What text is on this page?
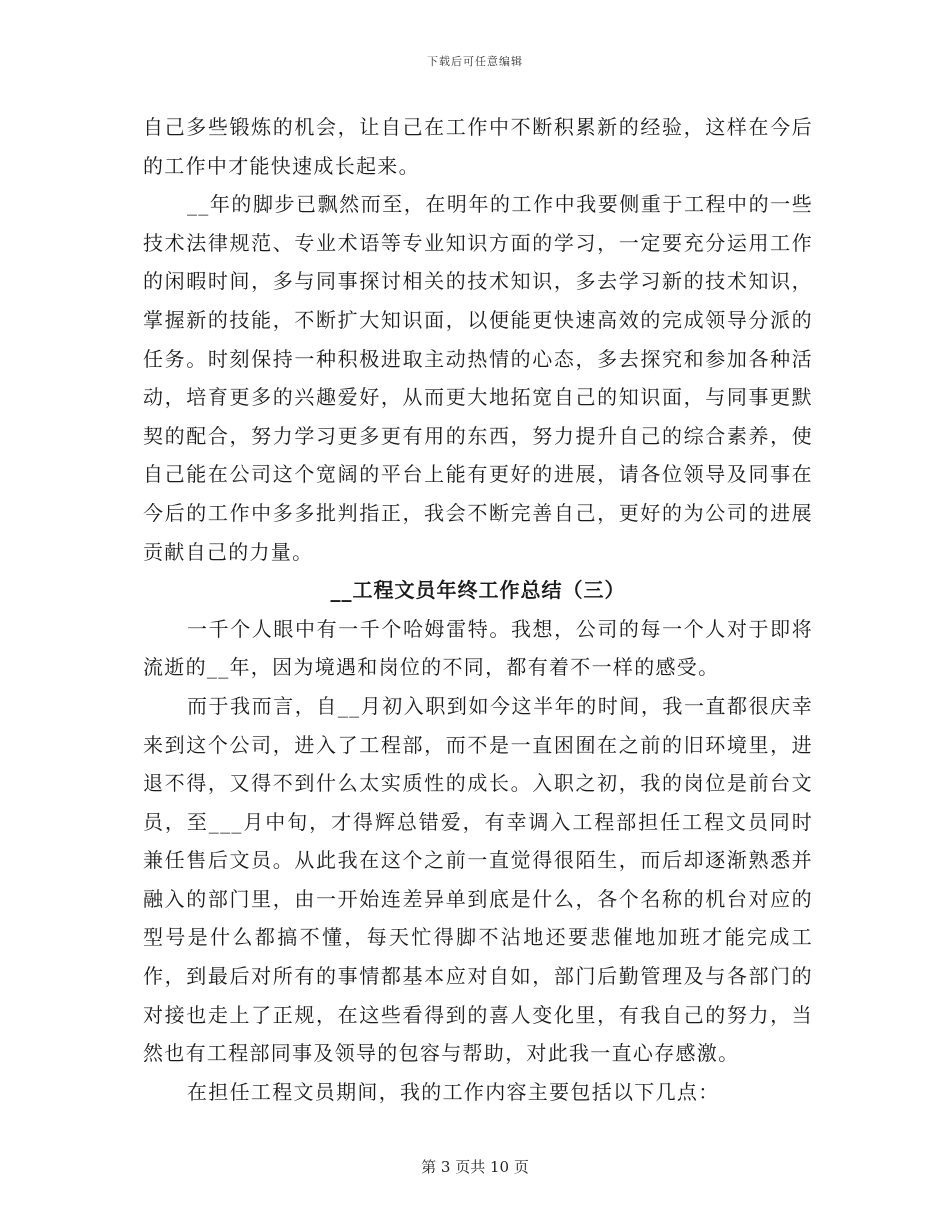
下载后可任意编辑

自己多些锻炼的机会，让自己在工作中不断积累新的经验，这样在今后的工作中才能快速成长起来。

__年的脚步已飘然而至，在明年的工作中我要侧重于工程中的一些技术法律规范、专业术语等专业知识方面的学习，一定要充分运用工作的闲暇时间，多与同事探讨相关的技术知识，多去学习新的技术知识，掌握新的技能，不断扩大知识面，以便能更快速高效的完成领导分派的任务。时刻保持一种积极进取主动热情的心态，多去探究和参加各种活动，培育更多的兴趣爱好，从而更大地拓宽自己的知识面，与同事更默契的配合，努力学习更多更有用的东西，努力提升自己的综合素养，使自己能在公司这个宽阔的平台上能有更好的进展，请各位领导及同事在今后的工作中多多批判指正，我会不断完善自己，更好的为公司的进展贡献自己的力量。

__工程文员年终工作总结（三）

一千个人眼中有一千个哈姆雷特。我想，公司的每一个人对于即将流逝的__年，因为境遇和岗位的不同，都有着不一样的感受。

而于我而言，自__月初入职到如今这半年的时间，我一直都很庆幸来到这个公司，进入了工程部，而不是一直困囿在之前的旧环境里，进退不得，又得不到什么太实质性的成长。入职之初，我的岗位是前台文员，至___月中旬，才得辉总错爱，有幸调入工程部担任工程文员同时兼任售后文员。从此我在这个之前一直觉得很陌生，而后却逐渐熟悉并融入的部门里，由一开始连差异单到底是什么，各个名称的机台对应的型号是什么都搞不懂，每天忙得脚不沾地还要悲催地加班才能完成工作，到最后对所有的事情都基本应对自如，部门后勤管理及与各部门的对接也走上了正规，在这些看得到的喜人变化里，有我自己的努力，当然也有工程部同事及领导的包容与帮助，对此我一直心存感激。

在担任工程文员期间，我的工作内容主要包括以下几点：

第 3 页共 10 页
